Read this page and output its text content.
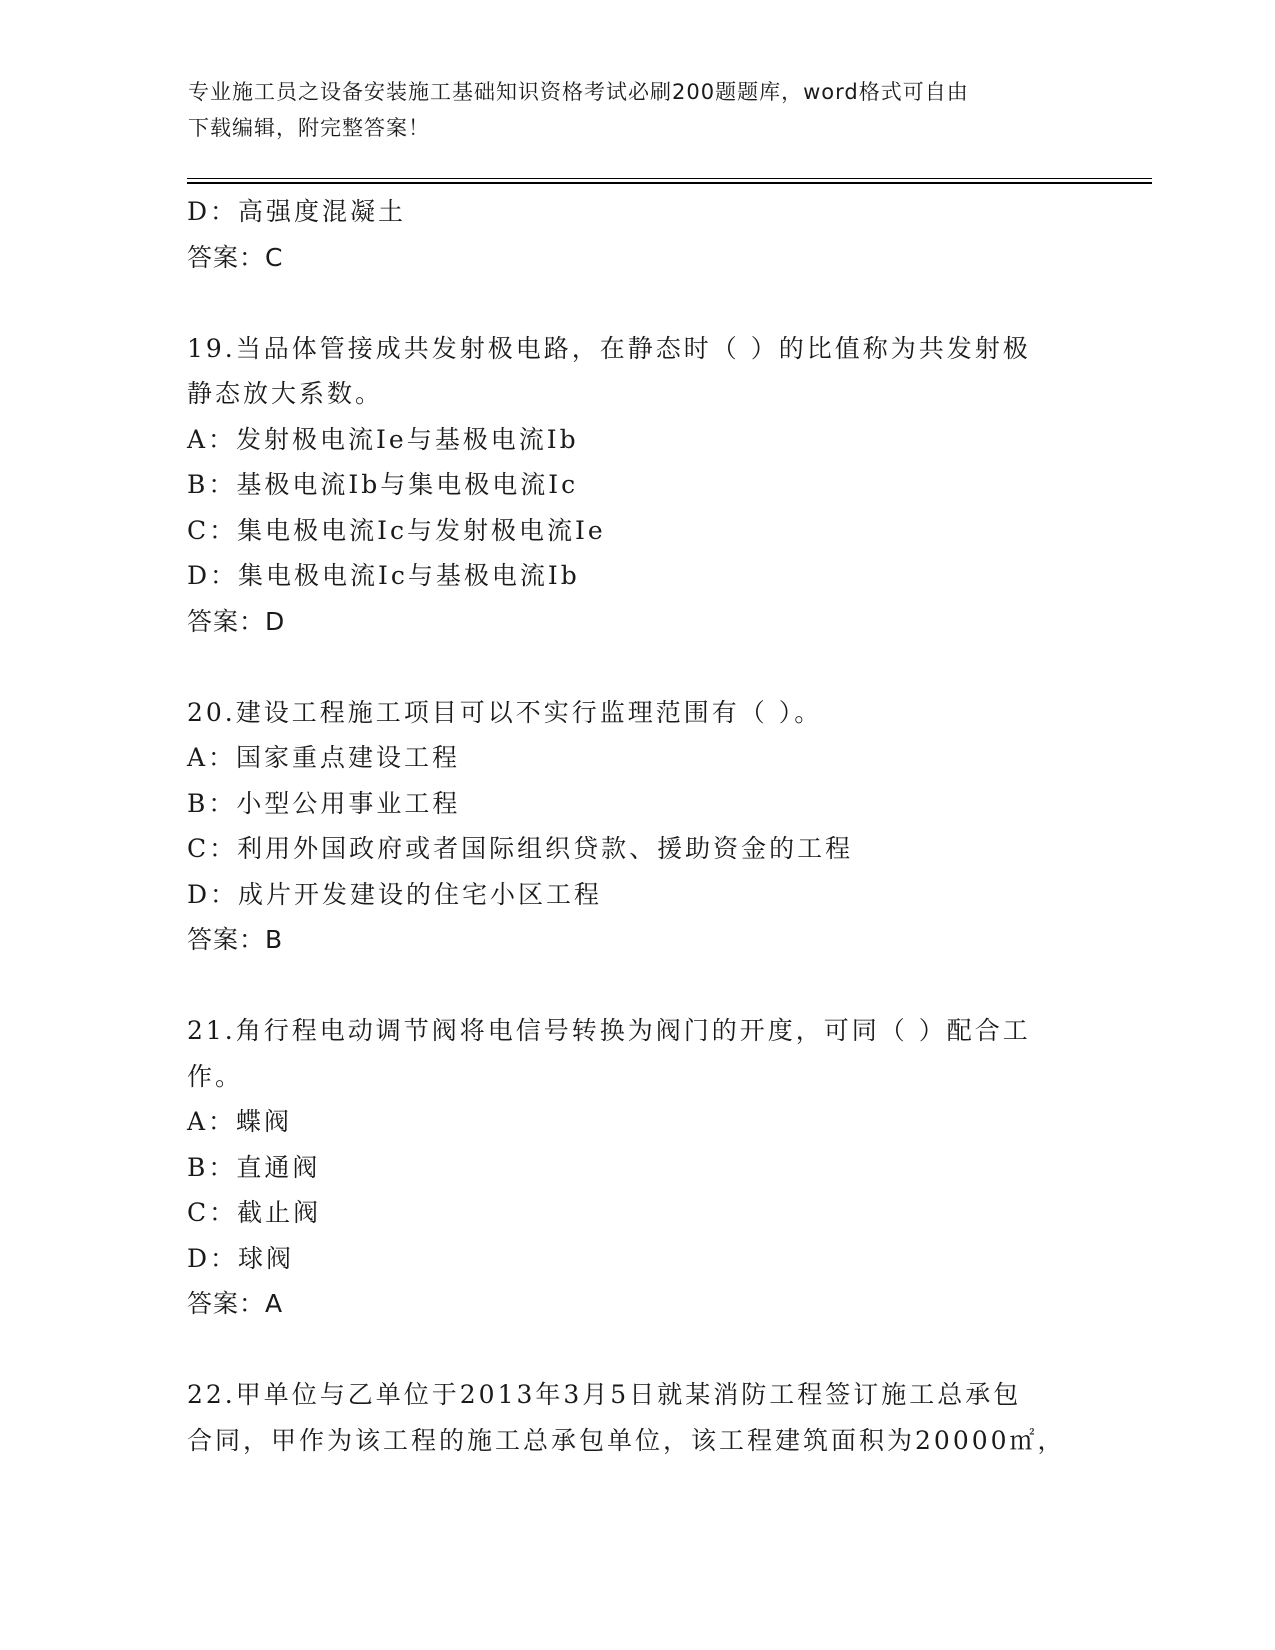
专业施工员之设备安装施工基础知识资格考试必刷200题题库，word格式可自由
下载编辑，附完整答案！
D：高强度混凝土
答案：C
19.当品体管接成共发射极电路，在静态时（ ）的比值称为共发射极
静态放大系数。
A：发射极电流Ie与基极电流Ib
B：基极电流Ib与集电极电流Ic
C：集电极电流Ic与发射极电流Ie
D：集电极电流Ic与基极电流Ib
答案：D
20.建设工程施工项目可以不实行监理范围有（ ）。
A：国家重点建设工程
B：小型公用事业工程
C：利用外国政府或者国际组织贷款、援助资金的工程
D：成片开发建设的住宅小区工程
答案：B
21.角行程电动调节阀将电信号转换为阀门的开度，可同（ ）配合工
作。
A：蝶阀
B：直通阀
C：截止阀
D：球阀
答案：A
22.甲单位与乙单位于2013年3月5日就某消防工程签订施工总承包
合同，甲作为该工程的施工总承包单位，该工程建筑面积为20000㎡，
